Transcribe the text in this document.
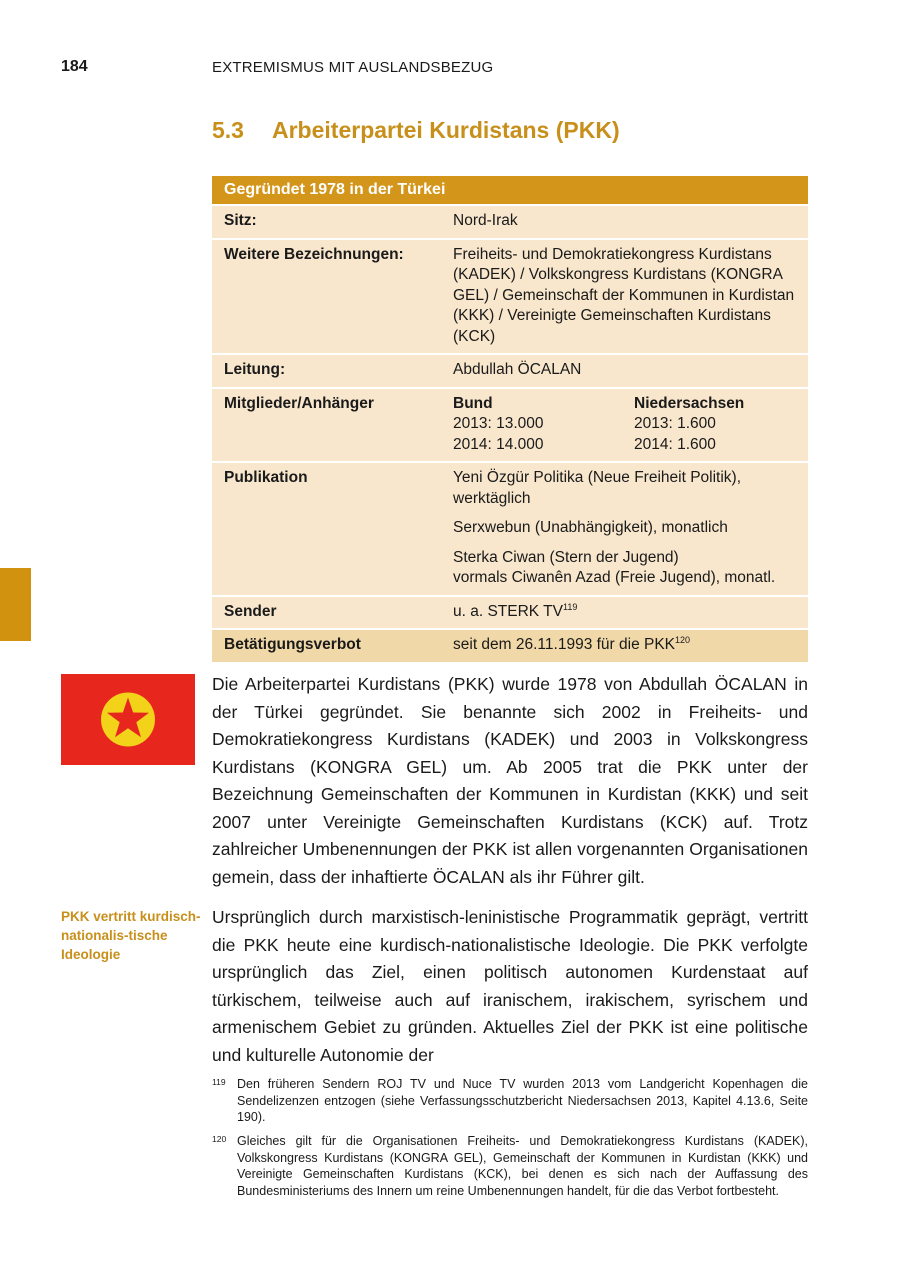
184	EXTREMISMUS MIT AUSLANDSBEZUG
5.3 Arbeiterpartei Kurdistans (PKK)
Gegründet 1978 in der Türkei
Sitz:	Nord-Irak
Weitere Bezeichnungen:	Freiheits- und Demokratiekongress Kurdistans (KADEK) / Volkskongress Kurdistans (KONGRA GEL) / Gemeinschaft der Kommunen in Kurdistan (KKK) / Vereinigte Gemeinschaften Kurdistans (KCK)
Leitung:	Abdullah ÖCALAN
Mitglieder/Anhänger	Bund
2013: 13.000
2014: 14.000
Niedersachsen
2013: 1.600
2014: 1.600
Publikation	Yeni Özgür Politika (Neue Freiheit Politik), werktäglich
Serxwebun (Unabhängigkeit), monatlich
Sterka Ciwan (Stern der Jugend)
vormals Ciwanên Azad (Freie Jugend), monatl.
Sender	u. a. STERK TV$^{119}$
Betätigungsverbot	seit dem 26.11.1993 für die PKK$^{120}$

Die Arbeiterpartei Kurdistans (PKK) wurde 1978 von Abdullah ÖCALAN in der Türkei gegründet. Sie benannte sich 2002 in Freiheits- und Demokratiekongress Kurdistans (KADEK) und 2003 in Volkskongress Kurdistans (KONGRA GEL) um. Ab 2005 trat die PKK unter der Bezeichnung Gemeinschaften der Kommunen in Kurdistan (KKK) und seit 2007 unter Vereinigte Gemeinschaften Kurdistans (KCK) auf. Trotz zahlreicher Umbenennungen der PKK ist allen vorgenannten Organisationen gemein, dass der inhaftierte ÖCALAN als ihr Führer gilt.

PKK vertritt kurdisch-nationalis-tische Ideologie

Ursprünglich durch marxistisch-leninistische Programmatik geprägt, vertritt die PKK heute eine kurdisch-nationalistische Ideologie. Die PKK verfolgte ursprünglich das Ziel, einen politisch autonomen Kurdenstaat auf türkischem, teilweise auch auf iranischem, irakischem, syrischem und armenischem Gebiet zu gründen. Aktuelles Ziel der PKK ist eine politische und kulturelle Autonomie der

119 Den früheren Sendern ROJ TV und Nuce TV wurden 2013 vom Landgericht Kopenhagen die Sendelizenzen entzogen (siehe Verfassungsschutzbericht Niedersachsen 2013, Kapitel 4.13.6, Seite 190).
120 Gleiches gilt für die Organisationen Freiheits- und Demokratiekongress Kurdistans (KADEK), Volkskongress Kurdistans (KONGRA GEL), Gemeinschaft der Kommunen in Kurdistan (KKK) und Vereinigte Gemeinschaften Kurdistans (KCK), bei denen es sich nach der Auffassung des Bundesministeriums des Innern um reine Umbenennungen handelt, für die das Verbot fortbesteht.
